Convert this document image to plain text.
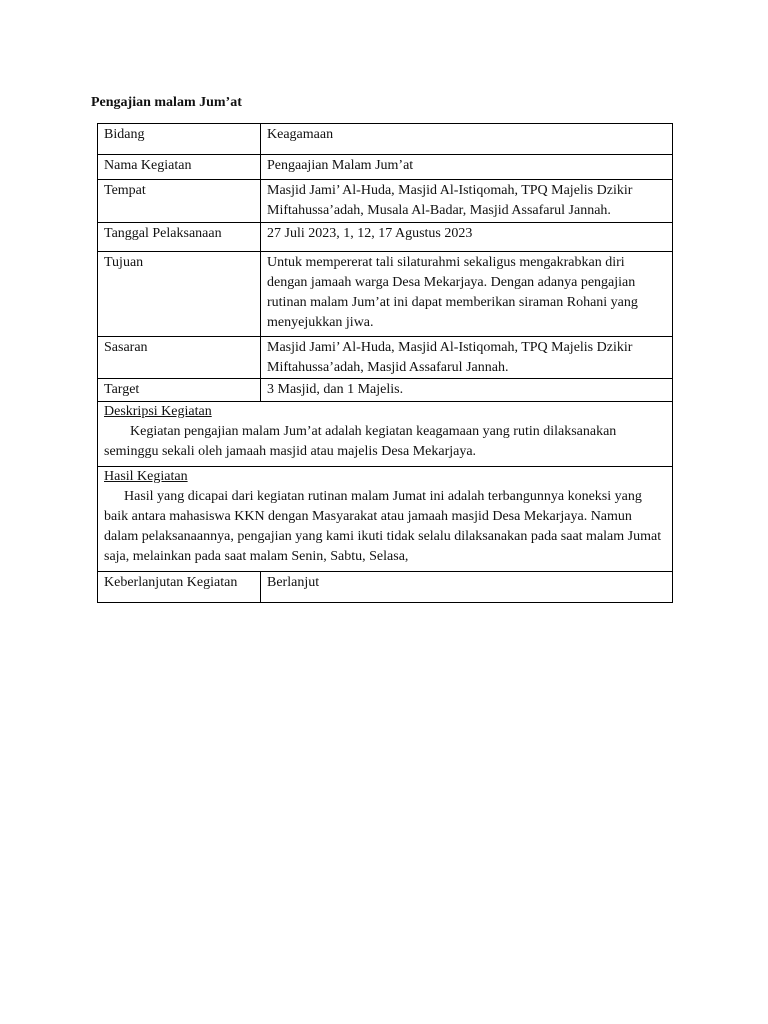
Pengajian malam Jum’at
Bidang	Keagamaan

Nama Kegiatan	Pengaajian Malam Jum’at

Tempat	Masjid Jami’ Al-Huda, Masjid Al-Istiqomah, TPQ Majelis Dzikir Miftahussa’adah, Musala Al-Badar, Masjid Assafarul Jannah.

Tanggal Pelaksanaan	27 Juli 2023, 1, 12, 17 Agustus 2023

Tujuan	Untuk mempererat tali silaturahmi sekaligus mengakrabkan diri dengan jamaah warga Desa Mekarjaya. Dengan adanya pengajian rutinan malam Jum’at ini dapat memberikan siraman Rohani yang menyejukkan jiwa.

Sasaran	Masjid Jami’ Al-Huda, Masjid Al-Istiqomah, TPQ Majelis Dzikir Miftahussa’adah, Masjid Assafarul Jannah.

Target	3 Masjid, dan 1 Majelis.

Deskripsi Kegiatan
Kegiatan pengajian malam Jum’at adalah kegiatan keagamaan yang rutin dilaksanakan seminggu sekali oleh jamaah masjid atau majelis Desa Mekarjaya.	

Hasil Kegiatan
Hasil yang dicapai dari kegiatan rutinan malam Jumat ini adalah terbangunnya koneksi yang baik antara mahasiswa KKN dengan Masyarakat atau jamaah masjid Desa Mekarjaya. Namun dalam pelaksanaannya, pengajian yang kami ikuti tidak selalu dilaksanakan pada saat malam Jumat saja, melainkan pada saat malam Senin, Sabtu, Selasa,	

Keberlanjutan Kegiatan	Berlanjut
